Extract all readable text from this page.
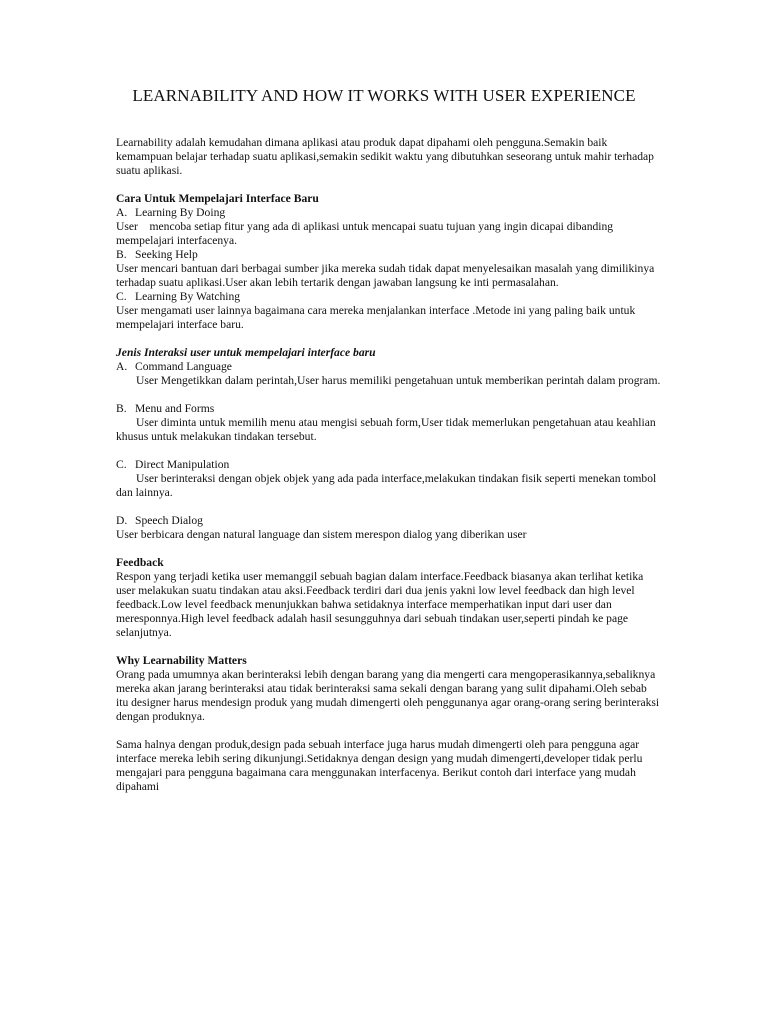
LEARNABILITY AND HOW IT WORKS WITH USER EXPERIENCE

Learnability adalah kemudahan dimana aplikasi atau produk dapat dipahami oleh pengguna.Semakin baik kemampuan belajar terhadap suatu aplikasi,semakin sedikit waktu yang dibutuhkan seseorang untuk mahir terhadap suatu aplikasi.

Cara Untuk Mempelajari Interface Baru

A. Learning By Doing

User    mencoba setiap fitur yang ada di aplikasi untuk mencapai suatu tujuan yang ingin dicapai dibanding mempelajari interfacenya.

B. Seeking Help

User mencari bantuan dari berbagai sumber jika mereka sudah tidak dapat menyelesaikan masalah yang dimilikinya terhadap suatu aplikasi.User akan lebih tertarik dengan jawaban langsung ke inti permasalahan.

C. Learning By Watching

User mengamati user lainnya bagaimana cara mereka menjalankan interface .Metode ini yang paling baik untuk mempelajari interface baru.

Jenis Interaksi user untuk mempelajari interface baru

A. Command Language

User Mengetikkan dalam perintah,User harus memiliki pengetahuan untuk memberikan perintah dalam program.

B. Menu and Forms

User diminta untuk memilih menu atau mengisi sebuah form,User tidak memerlukan pengetahuan atau keahlian khusus untuk melakukan tindakan tersebut.

C. Direct Manipulation

User berinteraksi dengan objek objek yang ada pada interface,melakukan tindakan fisik seperti menekan tombol dan lainnya.

D. Speech Dialog

User berbicara dengan natural language dan sistem merespon dialog yang diberikan user

Feedback

Respon yang terjadi ketika user memanggil sebuah bagian dalam interface.Feedback biasanya akan terlihat ketika user melakukan suatu tindakan atau aksi.Feedback terdiri dari dua jenis yakni low level feedback dan high level feedback.Low level feedback menunjukkan bahwa setidaknya interface memperhatikan input dari user dan meresponnya.High level feedback adalah hasil sesungguhnya dari sebuah tindakan user,seperti pindah ke page selanjutnya.

Why Learnability Matters

Orang pada umumnya akan berinteraksi lebih dengan barang yang dia mengerti cara mengoperasikannya,sebaliknya mereka akan jarang berinteraksi atau tidak berinteraksi sama sekali dengan barang yang sulit dipahami.Oleh sebab itu designer harus mendesign produk yang mudah dimengerti oleh penggunanya agar orang-orang sering berinteraksi dengan produknya.

Sama halnya dengan produk,design pada sebuah interface juga harus mudah dimengerti oleh para pengguna agar interface mereka lebih sering dikunjungi.Setidaknya dengan design yang mudah dimengerti,developer tidak perlu mengajari para pengguna bagaimana cara menggunakan interfacenya. Berikut contoh dari interface yang mudah dipahami
